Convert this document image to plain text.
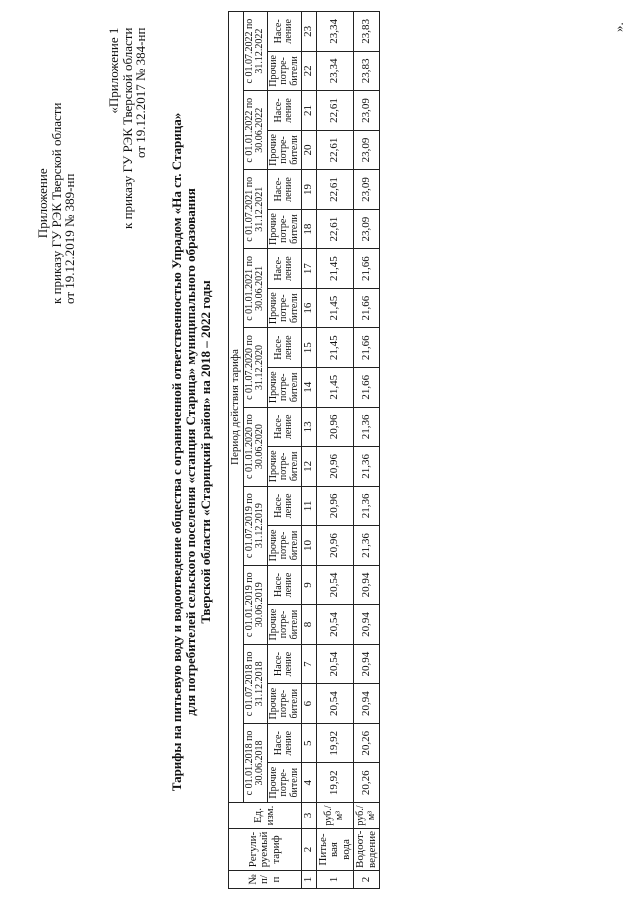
Приложение
к приказу ГУ РЭК Тверской области
от 19.12.2019 № 389-нп
«Приложение 1
к приказу ГУ РЭК Тверской области
от 19.12.2017 № 384-нп
Тарифы на питьевую воду и водоотведение общества с ограниченной ответственностью Упрадом «На ст. Старица» для потребителей сельского поселения «станция Старица» муниципального образования Тверской области «Старицкий район» на 2018 – 2022 годы
№ п/п	Регули-руемый тариф	Ед. изм.	Период действия тарифа																			
			с 01.01.2018 по 30.06.2018		с 01.07.2018 по 31.12.2018		с 01.01.2019 по 30.06.2019		с 01.07.2019 по 31.12.2019		с 01.01.2020 по 30.06.2020		с 01.07.2020 по 31.12.2020		с 01.01.2021 по 30.06.2021		с 01.07.2021 по 31.12.2021		с 01.01.2022 по 30.06.2022		с 01.07.2022 по 31.12.2022	
			Прочие потре-бители	Насе-ление	Прочие потре-бители	Насе-ление	Прочие потре-бители	Насе-ление	Прочие потре-бители	Насе-ление	Прочие потре-бители	Насе-ление	Прочие потре-бители	Насе-ление	Прочие потре-бители	Насе-ление	Прочие потре-бители	Насе-ление	Прочие потре-бители	Насе-ление	Прочие потре-бители	Насе-ление
1	2	3	4	5	6	7	8	9	10	11	12	13	14	15	16	17	18	19	20	21	22	23
1	Питье-вая вода	руб./м³	19,92	19,92	20,54	20,54	20,54	20,54	20,96	20,96	20,96	20,96	21,45	21,45	21,45	21,45	22,61	22,61	22,61	22,61	23,34	23,34
2	Водоот-ведение	руб./м³	20,26	20,26	20,94	20,94	20,94	20,94	21,36	21,36	21,36	21,36	21,66	21,66	21,66	21,66	23,09	23,09	23,09	23,09	23,83	23,83	».
